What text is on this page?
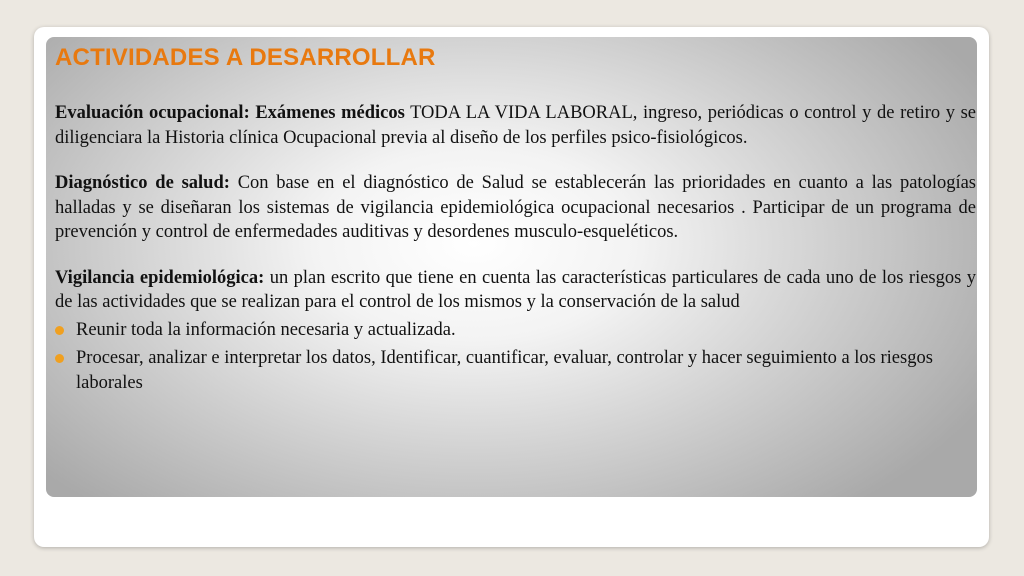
ACTIVIDADES A DESARROLLAR

Evaluación ocupacional: Exámenes médicos TODA LA VIDA LABORAL, ingreso, periódicas o control y de retiro y se diligenciara la Historia clínica Ocupacional previa al diseño de los perfiles psico-fisiológicos.

Diagnóstico de salud: Con base en el diagnóstico de Salud se establecerán las prioridades en cuanto a las patologías halladas y se diseñaran los sistemas de vigilancia epidemiológica ocupacional necesarios . Participar de un programa de prevención y control de enfermedades auditivas y desordenes musculo-esqueléticos.

Vigilancia epidemiológica: un plan escrito que tiene en cuenta las características particulares de cada uno de los riesgos y de las actividades que se realizan para el control de los mismos y la conservación de la salud

Reunir toda la información necesaria y actualizada.
Procesar, analizar e interpretar los datos, Identificar, cuantificar, evaluar, controlar y hacer seguimiento a los riesgos laborales
